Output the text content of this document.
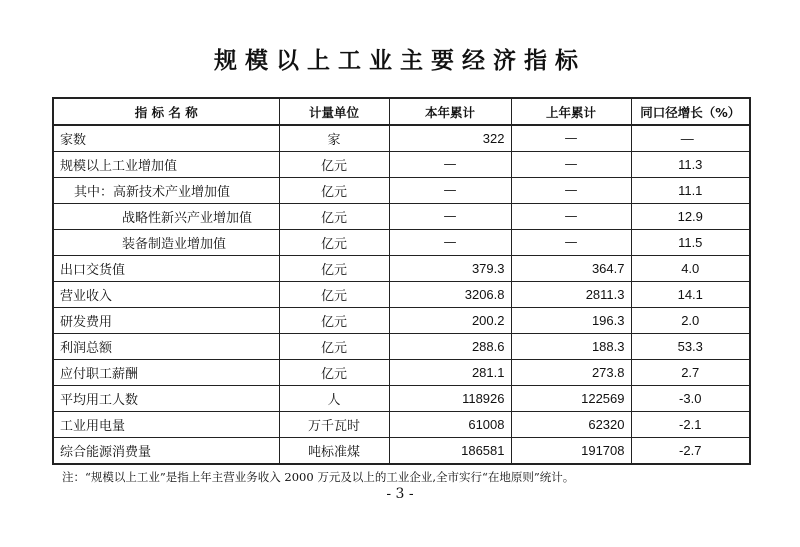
规模以上工业主要经济指标
指 标 名 称	计量单位	本年累计	上年累计	同口径增长（%）
家数	家	322	—	—
规模以上工业增加值	亿元	—	—	11.3
其中：高新技术产业增加值	亿元	—	—	11.1
战略性新兴产业增加值	亿元	—	—	12.9
装备制造业增加值	亿元	—	—	11.5
出口交货值	亿元	379.3	364.7	4.0
营业收入	亿元	3206.8	2811.3	14.1
研发费用	亿元	200.2	196.3	2.0
利润总额	亿元	288.6	188.3	53.3
应付职工薪酬	亿元	281.1	273.8	2.7
平均用工人数	人	118926	122569	-3.0
工业用电量	万千瓦时	61008	62320	-2.1
综合能源消费量	吨标准煤	186581	191708	-2.7
注：“规模以上工业”是指上年主营业务收入 2000 万元及以上的工业企业,全市实行“在地原则”统计。
- 3 -
